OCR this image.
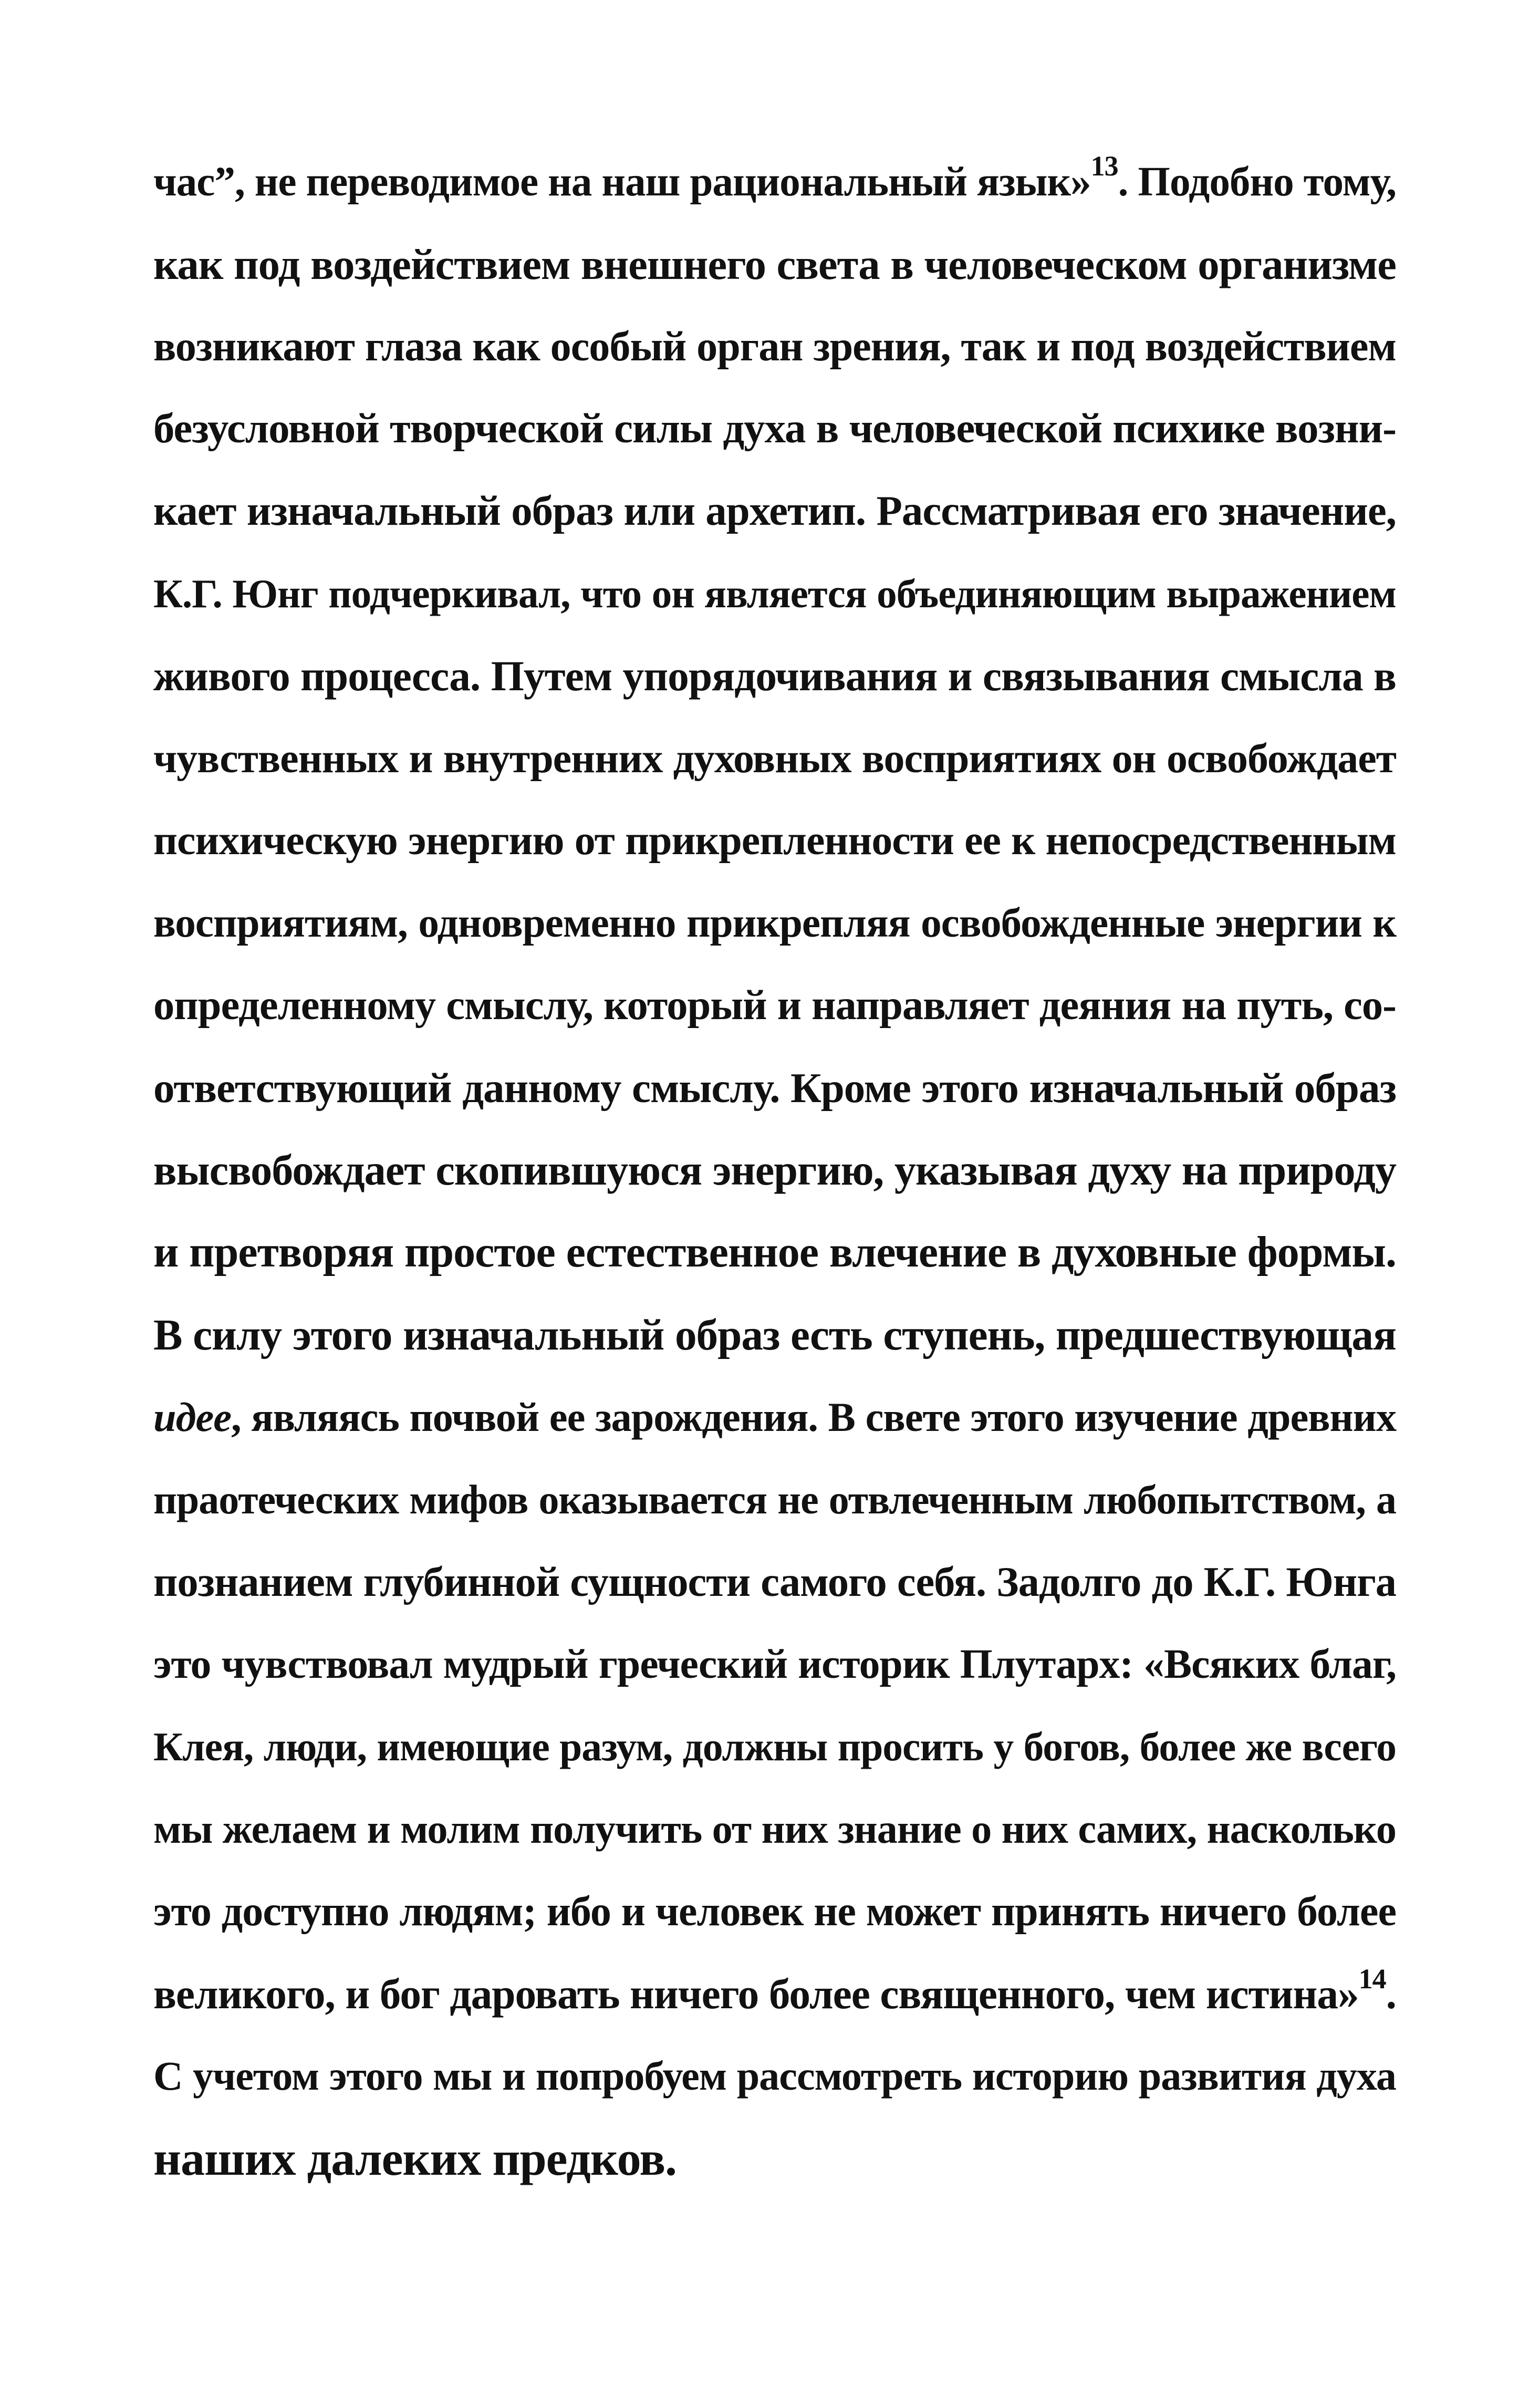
час”, не переводимое на наш рациональный язык»$^{13}$. Подобно тому,
как под воздействием внешнего света в человеческом организме
возникают глаза как особый орган зрения, так и под воздействием
безусловной творческой силы духа в человеческой психике возни-
кает изначальный образ или архетип. Рассматривая его значение,
К.Г. Юнг подчеркивал, что он является объединяющим выражением
живого процесса. Путем упорядочивания и связывания смысла в
чувственных и внутренних духовных восприятиях он освобождает
психическую энергию от прикрепленности ее к непосредственным
восприятиям, одновременно прикрепляя освобожденные энергии к
определенному смыслу, который и направляет деяния на путь, со-
ответствующий данному смыслу. Кроме этого изначальный образ
высвобождает скопившуюся энергию, указывая духу на природу
и претворяя простое естественное влечение в духовные формы.
В силу этого изначальный образ есть ступень, предшествующая
идее, являясь почвой ее зарождения. В свете этого изучение древних
праотеческих мифов оказывается не отвлеченным любопытством, а
познанием глубинной сущности самого себя. Задолго до К.Г. Юнга
это чувствовал мудрый греческий историк Плутарх: «Всяких благ,
Клея, люди, имеющие разум, должны просить у богов, более же всего
мы желаем и молим получить от них знание о них самих, насколько
это доступно людям; ибо и человек не может принять ничего более
великого, и бог даровать ничего более священного, чем истина»$^{14}$.
С учетом этого мы и попробуем рассмотреть историю развития духа
наших далеких предков.
